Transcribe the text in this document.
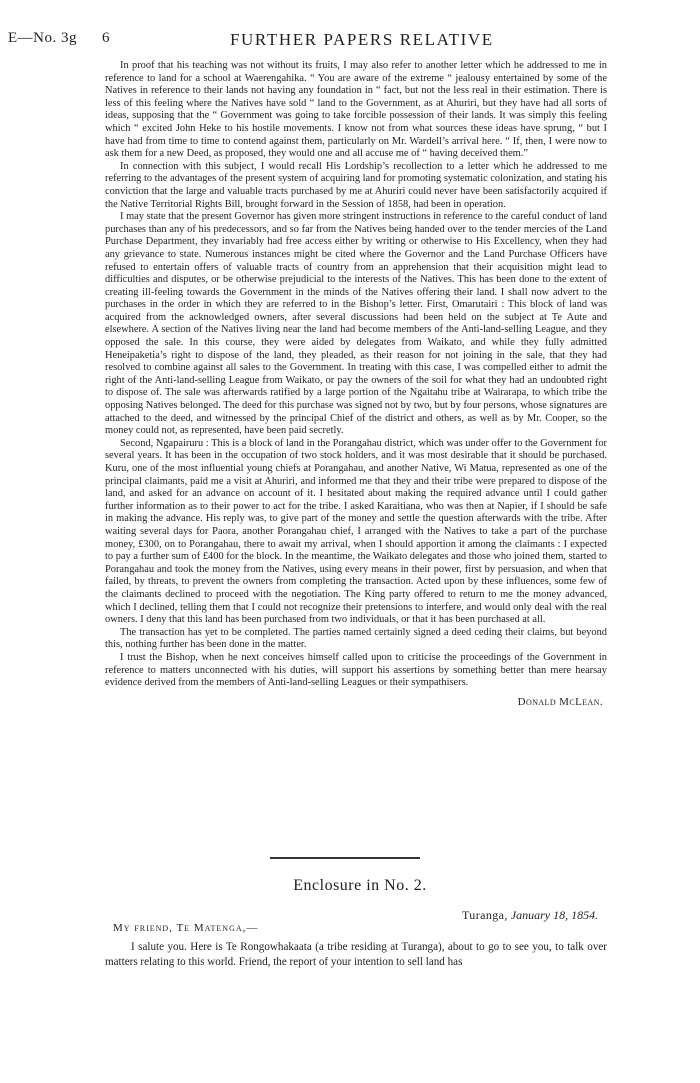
E—No. 3g 6	FURTHER PAPERS RELATIVE

In proof that his teaching was not without its fruits, I may also refer to another letter which he addressed to me in reference to land for a school at Waerengahika. “ You are aware of the extreme “ jealousy entertained by some of the Natives in reference to their lands not having any foundation in “ fact, but not the less real in their estimation. There is less of this feeling where the Natives have sold “ land to the Government, as at Ahuriri, but they have had all sorts of ideas, supposing that the “ Government was going to take forcible possession of their lands. It was simply this feeling which “ excited John Heke to his hostile movements. I know not from what sources these ideas have sprung, “ but I have had from time to time to contend against them, particularly on Mr. Wardell’s arrival here. “ If, then, I were now to ask them for a new Deed, as proposed, they would one and all accuse me of “ having deceived them.”

In connection with this subject, I would recall His Lordship’s recollection to a letter which he addressed to me referring to the advantages of the present system of acquiring land for promoting systematic colonization, and stating his conviction that the large and valuable tracts purchased by me at Ahuriri could never have been satisfactorily acquired if the Native Territorial Rights Bill, brought forward in the Session of 1858, had been in operation.

I may state that the present Governor has given more stringent instructions in reference to the careful conduct of land purchases than any of his predecessors, and so far from the Natives being handed over to the tender mercies of the Land Purchase Department, they invariably had free access either by writing or otherwise to His Excellency, when they had any grievance to state. Numerous instances might be cited where the Governor and the Land Purchase Officers have refused to entertain offers of valuable tracts of country from an apprehension that their acquisition might lead to difficulties and disputes, or be otherwise prejudicial to the interests of the Natives. This has been done to the extent of creating ill-feeling towards the Government in the minds of the Natives offering their land. I shall now advert to the purchases in the order in which they are referred to in the Bishop’s letter. First, Omarutairi : This block of land was acquired from the acknowledged owners, after several discussions had been held on the subject at Te Aute and elsewhere. A section of the Natives living near the land had become members of the Anti-land-selling League, and they opposed the sale. In this course, they were aided by delegates from Waikato, and while they fully admitted Heneipaketia’s right to dispose of the land, they pleaded, as their reason for not joining in the sale, that they had resolved to combine against all sales to the Government. In treating with this case, I was compelled either to admit the right of the Anti-land-selling League from Waikato, or pay the owners of the soil for what they had an undoubted right to dispose of. The sale was afterwards ratified by a large portion of the Ngaitahu tribe at Wairarapa, to which tribe the opposing Natives belonged. The deed for this purchase was signed not by two, but by four persons, whose signatures are attached to the deed, and witnessed by the principal Chief of the district and others, as well as by Mr. Cooper, so the money could not, as represented, have been paid secretly.

Second, Ngapairuru : This is a block of land in the Porangahau district, which was under offer to the Government for several years. It has been in the occupation of two stock holders, and it was most desirable that it should be purchased. Kuru, one of the most influential young chiefs at Porangahau, and another Native, Wi Matua, represented as one of the principal claimants, paid me a visit at Ahuriri, and informed me that they and their tribe were prepared to dispose of the land, and asked for an advance on account of it. I hesitated about making the required advance until I could gather further information as to their power to act for the tribe. I asked Karaitiana, who was then at Napier, if I should be safe in making the advance. His reply was, to give part of the money and settle the question afterwards with the tribe. After waiting several days for Paora, another Porangahau chief, I arranged with the Natives to take a part of the purchase money, £300, on to Porangahau, there to await my arrival, when I should apportion it among the claimants : I expected to pay a further sum of £400 for the block. In the meantime, the Waikato delegates and those who joined them, started to Porangahau and took the money from the Natives, using every means in their power, first by persuasion, and when that failed, by threats, to prevent the owners from completing the transaction. Acted upon by these influences, some few of the claimants declined to proceed with the negotiation. The King party offered to return to me the money advanced, which I declined, telling them that I could not recognize their pretensions to interfere, and would only deal with the real owners. I deny that this land has been purchased from two individuals, or that it has been purchased at all.

The transaction has yet to be completed. The parties named certainly signed a deed ceding their claims, but beyond this, nothing further has been done in the matter.

I trust the Bishop, when he next conceives himself called upon to criticise the proceedings of the Government in reference to matters unconnected with his duties, will support his assertions by something better than mere hearsay evidence derived from the members of Anti-land-selling Leagues or their sympathisers.

Donald McLean.
Enclosure in No. 2.
Turanga, January 18, 1854.
My friend, Te Matenga,—

I salute you. Here is Te Rongowhakaata (a tribe residing at Turanga), about to go to see you, to talk over matters relating to this world. Friend, the report of your intention to sell land has
